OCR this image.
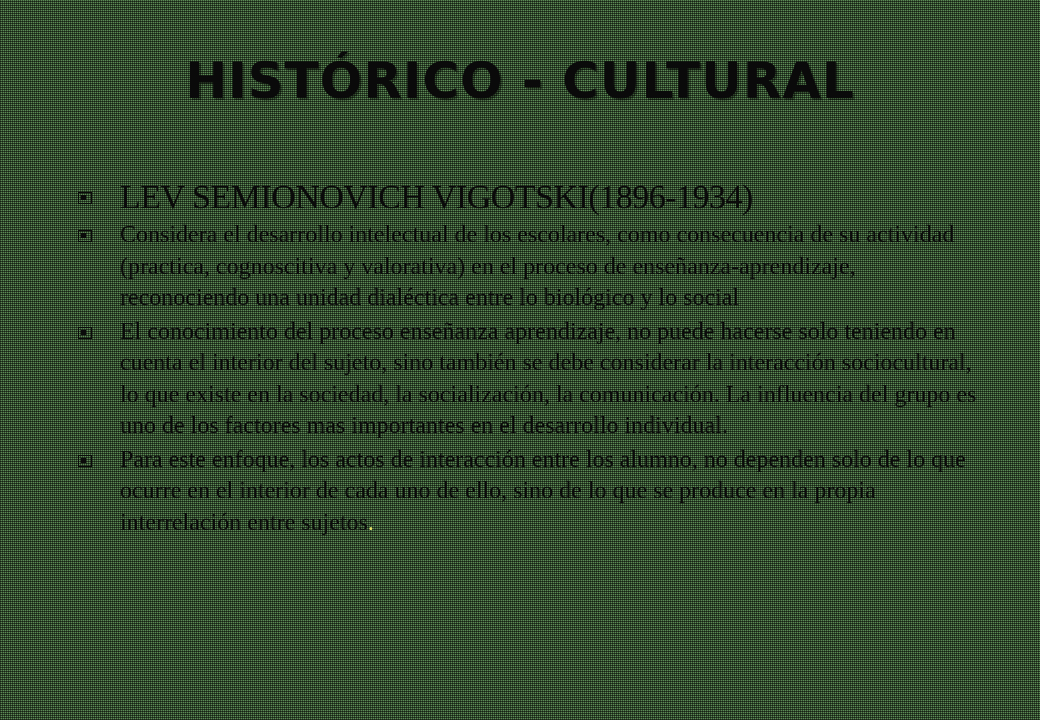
HISTÓRICO - CULTURAL

LEV SEMIONOVICH VIGOTSKI(1896-1934)

Considera el desarrollo intelectual de los escolares, como consecuencia de su actividad (practica, cognoscitiva y valorativa) en el proceso de enseñanza-aprendizaje, reconociendo una unidad dialéctica entre lo biológico y lo social

El conocimiento del proceso enseñanza aprendizaje, no puede hacerse solo teniendo en cuenta el interior del sujeto, sino también se debe considerar la interacción sociocultural, lo que existe en la sociedad, la socialización, la comunicación. La influencia del grupo es uno de los factores mas importantes en el desarrollo individual.

Para este enfoque, los actos de interacción entre los alumno, no dependen solo de lo que ocurre en el interior de cada uno de ello, sino de lo que se produce en la propia interrelación entre sujetos.
